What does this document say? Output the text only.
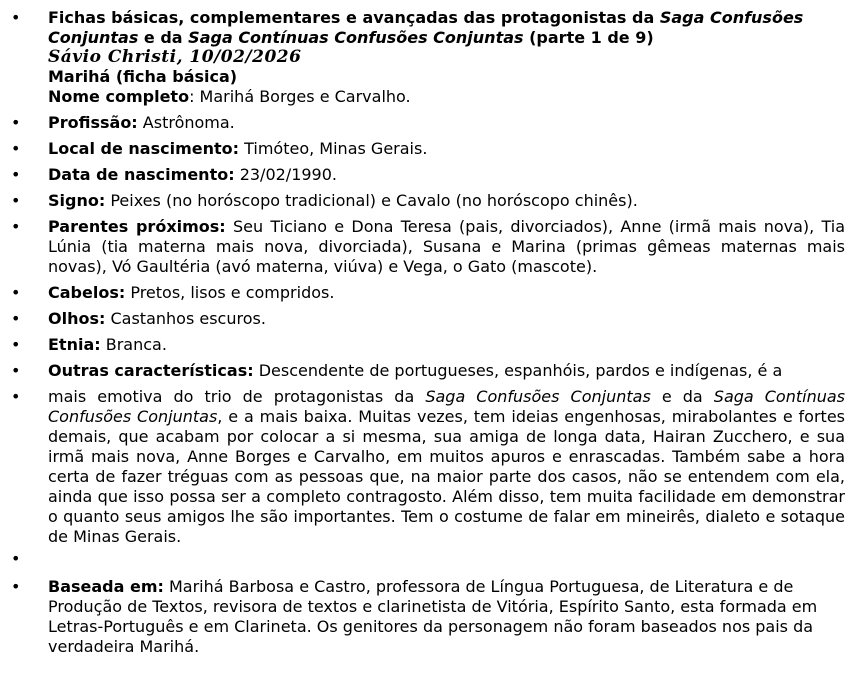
• Fichas básicas, complementares e avançadas das protagonistas da Saga Confusões Conjuntas e da Saga Contínuas Confusões Conjuntas (parte 1 de 9)
Sávio Christi, 10/02/2026
Marihá (ficha básica)
Nome completo: Marihá Borges e Carvalho.
• Profissão: Astrônoma.
• Local de nascimento: Timóteo, Minas Gerais.
• Data de nascimento: 23/02/1990.
• Signo: Peixes (no horóscopo tradicional) e Cavalo (no horóscopo chinês).
• Parentes próximos: Seu Ticiano e Dona Teresa (pais, divorciados), Anne (irmã mais nova), Tia Lúnia (tia materna mais nova, divorciada), Susana e Marina (primas gêmeas maternas mais novas), Vó Gaultéria (avó materna, viúva) e Vega, o Gato (mascote).
• Cabelos: Pretos, lisos e compridos.
• Olhos: Castanhos escuros.
• Etnia: Branca.
• Outras características: Descendente de portugueses, espanhóis, pardos e indígenas, é a
• mais emotiva do trio de protagonistas da Saga Confusões Conjuntas e da Saga Contínuas Confusões Conjuntas, e a mais baixa. Muitas vezes, tem ideias engenhosas, mirabolantes e fortes demais, que acabam por colocar a si mesma, sua amiga de longa data, Hairan Zucchero, e sua irmã mais nova, Anne Borges e Carvalho, em muitos apuros e enrascadas. Também sabe a hora certa de fazer tréguas com as pessoas que, na maior parte dos casos, não se entendem com ela, ainda que isso possa ser a completo contragosto. Além disso, tem muita facilidade em demonstrar o quanto seus amigos lhe são importantes. Tem o costume de falar em mineirês, dialeto e sotaque de Minas Gerais.
•
• Baseada em: Marihá Barbosa e Castro, professora de Língua Portuguesa, de Literatura e de Produção de Textos, revisora de textos e clarinetista de Vitória, Espírito Santo, esta formada em Letras-Português e em Clarineta. Os genitores da personagem não foram baseados nos pais da verdadeira Marihá.
